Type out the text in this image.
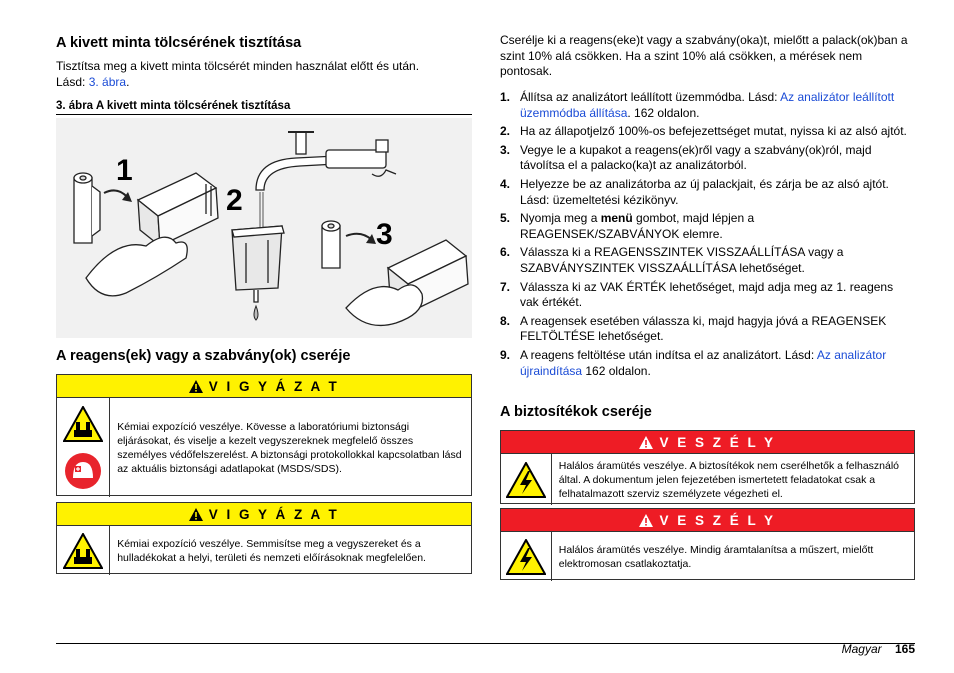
A kivett minta tölcsérének tisztítása

Tisztítsa meg a kivett minta tölcsérét minden használat előtt és után.
Lásd: 3. ábra.

3. ábra A kivett minta tölcsérének tisztítása
1
2
3
A reagens(ek) vagy a szabvány(ok) cseréje
V I G Y Á Z A T
Kémiai expozíció veszélye. Kövesse a laboratóriumi biztonsági eljárásokat, és viselje a kezelt vegyszereknek megfelelő összes személyes védőfelszerelést. A biztonsági protokollokkal kapcsolatban lásd az aktuális biztonsági adatlapokat (MSDS/SDS).
V I G Y Á Z A T
Kémiai expozíció veszélye. Semmisítse meg a vegyszereket és a hulladékokat a helyi, területi és nemzeti előírásoknak megfelelően.

Cserélje ki a reagens(eke)t vagy a szabvány(oka)t, mielőtt a palack(ok)ban a szint 10% alá csökken. Ha a szint 10% alá csökken, a mérések nem pontosak.

1. Állítsa az analizátort leállított üzemmódba. Lásd: Az analizátor leállított üzemmódba állítása. 162 oldalon.
2. Ha az állapotjelző 100%-os befejezettséget mutat, nyissa ki az alsó ajtót.
3. Vegye le a kupakot a reagens(ek)ről vagy a szabvány(ok)ról, majd távolítsa el a palacko(ka)t az analizátorból.
4. Helyezze be az analizátorba az új palackjait, és zárja be az alsó ajtót. Lásd: üzemeltetési kézikönyv.
5. Nyomja meg a menü gombot, majd lépjen a REAGENSEK/SZABVÁNYOK elemre.
6. Válassza ki a REAGENSSZINTEK VISSZAÁLLÍTÁSA vagy a SZABVÁNYSZINTEK VISSZAÁLLÍTÁSA lehetőséget.
7. Válassza ki az VAK ÉRTÉK lehetőséget, majd adja meg az 1. reagens vak értékét.
8. A reagensek esetében válassza ki, majd hagyja jóvá a REAGENSEK FELTÖLTÉSE lehetőséget.
9. A reagens feltöltése után indítsa el az analizátort. Lásd: Az analizátor újraindítása 162 oldalon.
A biztosítékok cseréje
V E S Z É L Y
Halálos áramütés veszélye. A biztosítékok nem cserélhetők a felhasználó által. A dokumentum jelen fejezetében ismertetett feladatokat csak a felhatalmazott szerviz személyzete végezheti el.
V E S Z É L Y
Halálos áramütés veszélye. Mindig áramtalanítsa a műszert, mielőtt elektromosan csatlakoztatja.
Magyar 165
